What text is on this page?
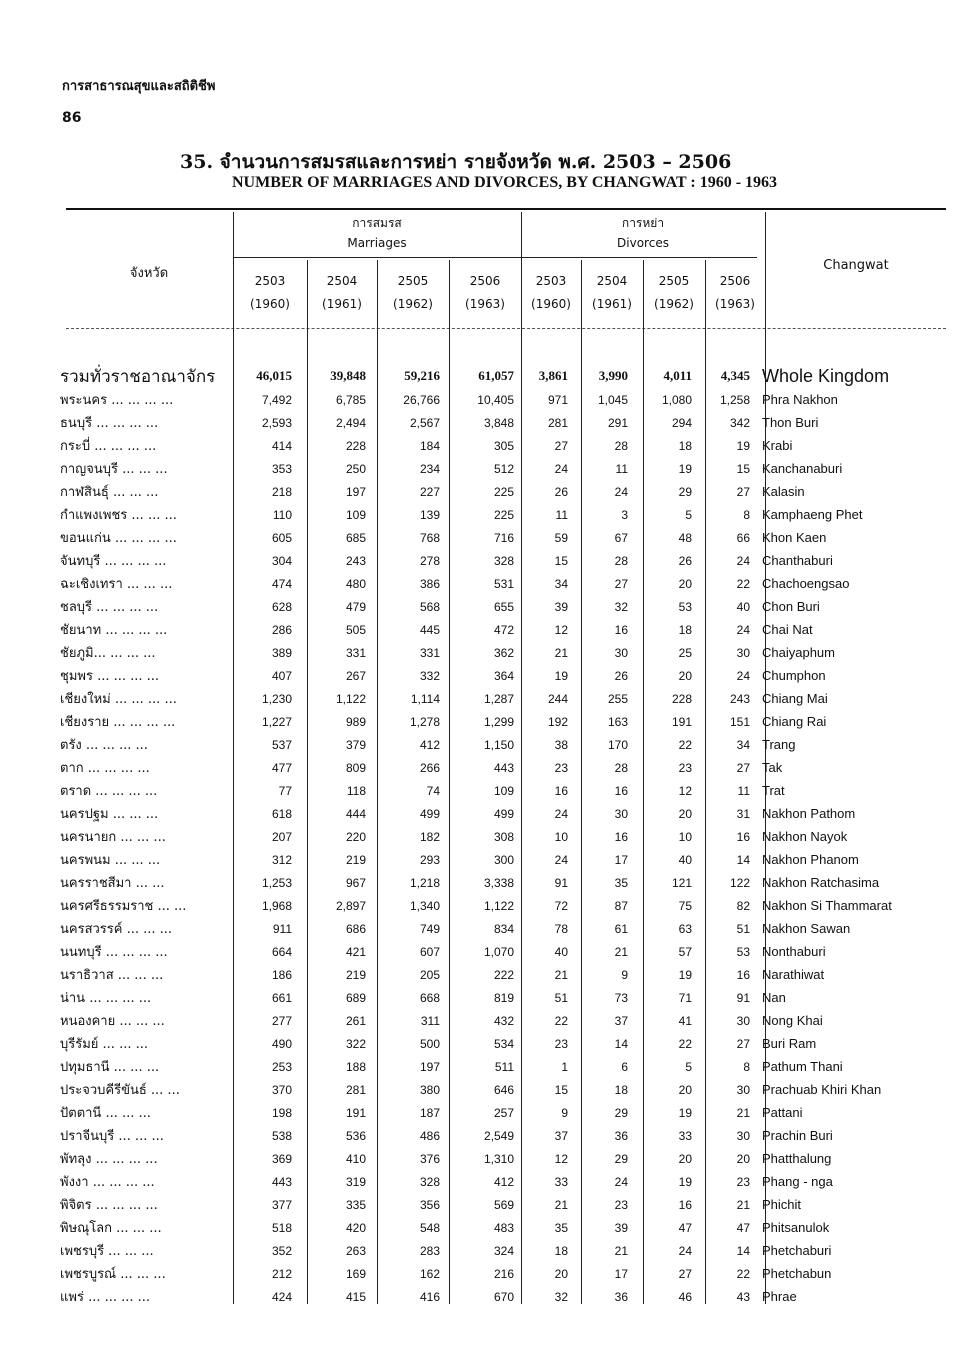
การสาธารณสุขและสถิติชีพ
86
35. จำนวนการสมรสและการหย่า รายจังหวัด พ.ศ. 2503 – 2506
NUMBER OF MARRIAGES AND DIVORCES, BY CHANGWAT : 1960 - 1963
จังหวัด
Changwat
การสมรส
Marriages
การหย่า
Divorces
2503
(1960)
2504
(1961)
2505
(1962)
2506
(1963)
2503
(1960)
2504
(1961)
2505
(1962)
2506
(1963)
รวมทั่วราชอาณาจักร	46,015	39,848	59,216	61,057	3,861	3,990	4,011	4,345 Whole Kingdom
พระนคร ... ... ... ...	7,492	6,785	26,766	10,405	971	1,045	1,080	1,258 Phra Nakhon
ธนบุรี ... ... ... ...	2,593	2,494	2,567	3,848	281	291	294	342 Thon Buri
กระบี่ ... ... ... ...	414	228	184	305	27	28	18	19 Krabi
กาญจนบุรี ... ... ...	353	250	234	512	24	11	19	15 Kanchanaburi
กาฬสินธุ์ ... ... ...	218	197	227	225	26	24	29	27 Kalasin
กำแพงเพชร ... ... ...	110	109	139	225	11	3	5	8 Kamphaeng Phet
ขอนแก่น ... ... ... ...	605	685	768	716	59	67	48	66 Khon Kaen
จันทบุรี ... ... ... ...	304	243	278	328	15	28	26	24 Chanthaburi
ฉะเชิงเทรา ... ... ...	474	480	386	531	34	27	20	22 Chachoengsao
ชลบุรี ... ... ... ...	628	479	568	655	39	32	53	40 Chon Buri
ชัยนาท ... ... ... ...	286	505	445	472	12	16	18	24 Chai Nat
ชัยภูมิ... ... ... ...	389	331	331	362	21	30	25	30 Chaiyaphum
ชุมพร ... ... ... ...	407	267	332	364	19	26	20	24 Chumphon
เชียงใหม่ ... ... ... ...	1,230	1,122	1,114	1,287	244	255	228	243 Chiang Mai
เชียงราย ... ... ... ...	1,227	989	1,278	1,299	192	163	191	151 Chiang Rai
ตรัง ... ... ... ...	537	379	412	1,150	38	170	22	34 Trang
ตาก ... ... ... ...	477	809	266	443	23	28	23	27 Tak
ตราด ... ... ... ...	77	118	74	109	16	16	12	11 Trat
นครปฐม ... ... ...	618	444	499	499	24	30	20	31 Nakhon Pathom
นครนายก ... ... ...	207	220	182	308	10	16	10	16 Nakhon Nayok
นครพนม ... ... ...	312	219	293	300	24	17	40	14 Nakhon Phanom
นครราชสีมา ... ...	1,253	967	1,218	3,338	91	35	121	122 Nakhon Ratchasima
นครศรีธรรมราช ... ...	1,968	2,897	1,340	1,122	72	87	75	82 Nakhon Si Thammarat
นครสวรรค์ ... ... ...	911	686	749	834	78	61	63	51 Nakhon Sawan
นนทบุรี ... ... ... ...	664	421	607	1,070	40	21	57	53 Nonthaburi
นราธิวาส ... ... ...	186	219	205	222	21	9	19	16 Narathiwat
น่าน ... ... ... ...	661	689	668	819	51	73	71	91 Nan
หนองคาย ... ... ...	277	261	311	432	22	37	41	30 Nong Khai
บุรีรัมย์ ... ... ...	490	322	500	534	23	14	22	27 Buri Ram
ปทุมธานี ... ... ...	253	188	197	511	1	6	5	8 Pathum Thani
ประจวบคีรีขันธ์ ... ...	370	281	380	646	15	18	20	30 Prachuab Khiri Khan
ปัตตานี ... ... ...	198	191	187	257	9	29	19	21 Pattani
ปราจีนบุรี ... ... ...	538	536	486	2,549	37	36	33	30 Prachin Buri
พัทลุง ... ... ... ...	369	410	376	1,310	12	29	20	20 Phatthalung
พังงา ... ... ... ...	443	319	328	412	33	24	19	23 Phang - nga
พิจิตร ... ... ... ...	377	335	356	569	21	23	16	21 Phichit
พิษณุโลก ... ... ...	518	420	548	483	35	39	47	47 Phitsanulok
เพชรบุรี ... ... ...	352	263	283	324	18	21	24	14 Phetchaburi
เพชรบูรณ์ ... ... ...	212	169	162	216	20	17	27	22 Phetchabun
แพร่ ... ... ... ...	424	415	416	670	32	36	46	43 Phrae
